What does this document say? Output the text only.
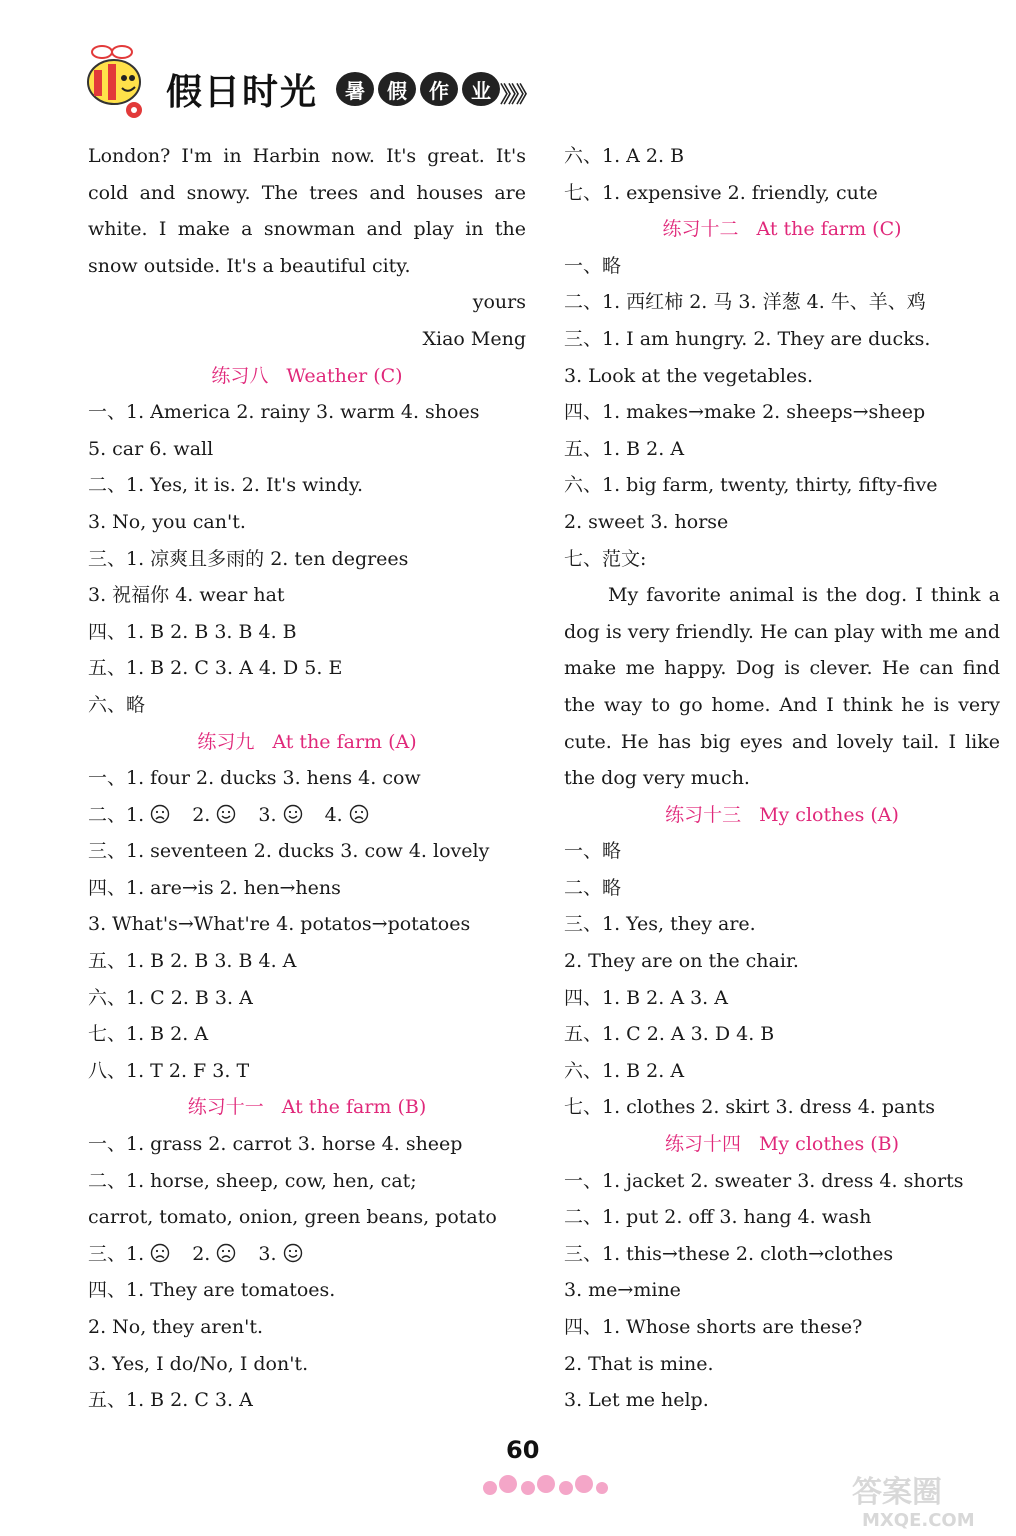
假日时光	暑	假	作	业 》》》
London? I'm in Harbin now. It's great. It's cold and snowy. The trees and houses are white. I make a snowman and play in the snow outside. It's a beautiful city.
yours
Xiao Meng
练习八 Weather (C)
一、1. America 2. rainy 3. warm 4. shoes
5. car 6. wall
二、1. Yes, it is. 2. It's windy.
3. No, you can't.
三、1. 凉爽且多雨的 2. ten degrees
3. 祝福你 4. wear hat
四、1. B 2. B 3. B 4. B
五、1. B 2. C 3. A 4. D 5. E
六、略
练习九 At the farm (A)
一、1. four 2. ducks 3. hens 4. cow
二、1.	2.	3.	4.
三、1. seventeen 2. ducks 3. cow 4. lovely
四、1. are→is 2. hen→hens
3. What's→What're 4. potatos→potatoes
五、1. B 2. B 3. B 4. A
六、1. C 2. B 3. A
七、1. B 2. A
八、1. T 2. F 3. T
练习十一 At the farm (B)
一、1. grass 2. carrot 3. horse 4. sheep
二、1. horse, sheep, cow, hen, cat;
carrot, tomato, onion, green beans, potato
三、1.	2.	3.
四、1. They are tomatoes.
2. No, they aren't.
3. Yes, I do/No, I don't.
五、1. B 2. C 3. A
六、1. A 2. B
七、1. expensive 2. friendly, cute
练习十二 At the farm (C)
一、略
二、1. 西红柿 2. 马 3. 洋葱 4. 牛、羊、鸡
三、1. I am hungry. 2. They are ducks.
3. Look at the vegetables.
四、1. makes→make 2. sheeps→sheep
五、1. B 2. A
六、1. big farm, twenty, thirty, fifty-five
2. sweet 3. horse
七、范文:
My favorite animal is the dog. I think a dog is very friendly. He can play with me and make me happy. Dog is clever. He can find the way to go home. And I think he is very cute. He has big eyes and lovely tail. I like the dog very much.
练习十三 My clothes (A)
一、略
二、略
三、1. Yes, they are.
2. They are on the chair.
四、1. B 2. A 3. A
五、1. C 2. A 3. D 4. B
六、1. B 2. A
七、1. clothes 2. skirt 3. dress 4. pants
练习十四 My clothes (B)
一、1. jacket 2. sweater 3. dress 4. shorts
二、1. put 2. off 3. hang 4. wash
三、1. this→these 2. cloth→clothes
3. me→mine
四、1. Whose shorts are these?
2. That is mine.
3. Let me help.
60
答案圈
MXQE.COM
